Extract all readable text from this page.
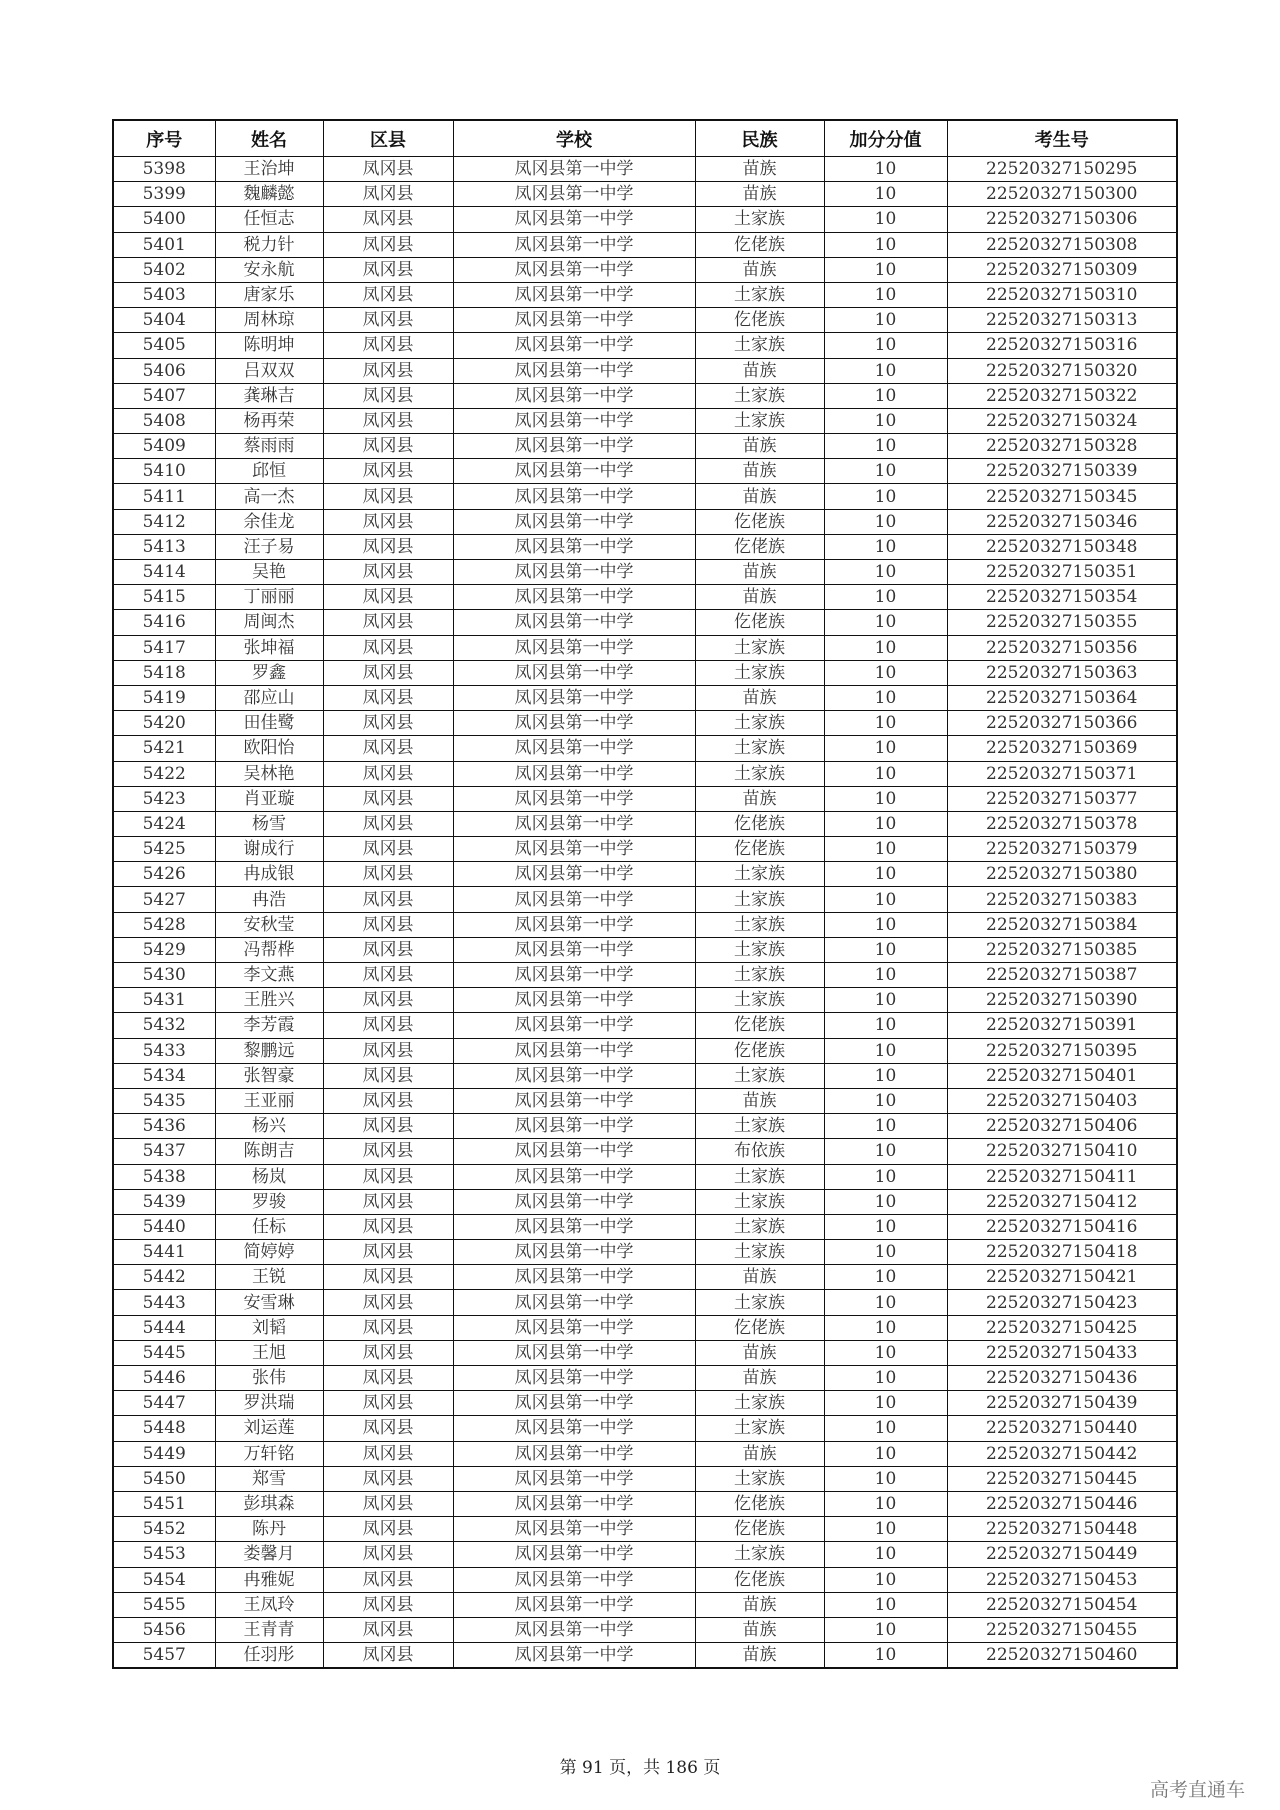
序号	姓名	区县	学校	民族	加分分值	考生号
5398	王治坤	凤冈县	凤冈县第一中学	苗族	10	22520327150295
5399	魏麟懿	凤冈县	凤冈县第一中学	苗族	10	22520327150300
5400	任恒志	凤冈县	凤冈县第一中学	土家族	10	22520327150306
5401	税力针	凤冈县	凤冈县第一中学	仡佬族	10	22520327150308
5402	安永航	凤冈县	凤冈县第一中学	苗族	10	22520327150309
5403	唐家乐	凤冈县	凤冈县第一中学	土家族	10	22520327150310
5404	周林琼	凤冈县	凤冈县第一中学	仡佬族	10	22520327150313
5405	陈明坤	凤冈县	凤冈县第一中学	土家族	10	22520327150316
5406	吕双双	凤冈县	凤冈县第一中学	苗族	10	22520327150320
5407	龚琳吉	凤冈县	凤冈县第一中学	土家族	10	22520327150322
5408	杨再荣	凤冈县	凤冈县第一中学	土家族	10	22520327150324
5409	蔡雨雨	凤冈县	凤冈县第一中学	苗族	10	22520327150328
5410	邱恒	凤冈县	凤冈县第一中学	苗族	10	22520327150339
5411	高一杰	凤冈县	凤冈县第一中学	苗族	10	22520327150345
5412	余佳龙	凤冈县	凤冈县第一中学	仡佬族	10	22520327150346
5413	汪子易	凤冈县	凤冈县第一中学	仡佬族	10	22520327150348
5414	吴艳	凤冈县	凤冈县第一中学	苗族	10	22520327150351
5415	丁丽丽	凤冈县	凤冈县第一中学	苗族	10	22520327150354
5416	周闽杰	凤冈县	凤冈县第一中学	仡佬族	10	22520327150355
5417	张坤福	凤冈县	凤冈县第一中学	土家族	10	22520327150356
5418	罗鑫	凤冈县	凤冈县第一中学	土家族	10	22520327150363
5419	邵应山	凤冈县	凤冈县第一中学	苗族	10	22520327150364
5420	田佳鹭	凤冈县	凤冈县第一中学	土家族	10	22520327150366
5421	欧阳怡	凤冈县	凤冈县第一中学	土家族	10	22520327150369
5422	吴林艳	凤冈县	凤冈县第一中学	土家族	10	22520327150371
5423	肖亚璇	凤冈县	凤冈县第一中学	苗族	10	22520327150377
5424	杨雪	凤冈县	凤冈县第一中学	仡佬族	10	22520327150378
5425	谢成行	凤冈县	凤冈县第一中学	仡佬族	10	22520327150379
5426	冉成银	凤冈县	凤冈县第一中学	土家族	10	22520327150380
5427	冉浩	凤冈县	凤冈县第一中学	土家族	10	22520327150383
5428	安秋莹	凤冈县	凤冈县第一中学	土家族	10	22520327150384
5429	冯帮桦	凤冈县	凤冈县第一中学	土家族	10	22520327150385
5430	李文燕	凤冈县	凤冈县第一中学	土家族	10	22520327150387
5431	王胜兴	凤冈县	凤冈县第一中学	土家族	10	22520327150390
5432	李芳霞	凤冈县	凤冈县第一中学	仡佬族	10	22520327150391
5433	黎鹏远	凤冈县	凤冈县第一中学	仡佬族	10	22520327150395
5434	张智豪	凤冈县	凤冈县第一中学	土家族	10	22520327150401
5435	王亚丽	凤冈县	凤冈县第一中学	苗族	10	22520327150403
5436	杨兴	凤冈县	凤冈县第一中学	土家族	10	22520327150406
5437	陈朗吉	凤冈县	凤冈县第一中学	布依族	10	22520327150410
5438	杨岚	凤冈县	凤冈县第一中学	土家族	10	22520327150411
5439	罗骏	凤冈县	凤冈县第一中学	土家族	10	22520327150412
5440	任标	凤冈县	凤冈县第一中学	土家族	10	22520327150416
5441	简婷婷	凤冈县	凤冈县第一中学	土家族	10	22520327150418
5442	王锐	凤冈县	凤冈县第一中学	苗族	10	22520327150421
5443	安雪琳	凤冈县	凤冈县第一中学	土家族	10	22520327150423
5444	刘韬	凤冈县	凤冈县第一中学	仡佬族	10	22520327150425
5445	王旭	凤冈县	凤冈县第一中学	苗族	10	22520327150433
5446	张伟	凤冈县	凤冈县第一中学	苗族	10	22520327150436
5447	罗洪瑞	凤冈县	凤冈县第一中学	土家族	10	22520327150439
5448	刘运莲	凤冈县	凤冈县第一中学	土家族	10	22520327150440
5449	万轩铭	凤冈县	凤冈县第一中学	苗族	10	22520327150442
5450	郑雪	凤冈县	凤冈县第一中学	土家族	10	22520327150445
5451	彭琪森	凤冈县	凤冈县第一中学	仡佬族	10	22520327150446
5452	陈丹	凤冈县	凤冈县第一中学	仡佬族	10	22520327150448
5453	娄馨月	凤冈县	凤冈县第一中学	土家族	10	22520327150449
5454	冉雅妮	凤冈县	凤冈县第一中学	仡佬族	10	22520327150453
5455	王凤玲	凤冈县	凤冈县第一中学	苗族	10	22520327150454
5456	王青青	凤冈县	凤冈县第一中学	苗族	10	22520327150455
5457	任羽彤	凤冈县	凤冈县第一中学	苗族	10	22520327150460
第 91 页，共 186 页
高考直通车
